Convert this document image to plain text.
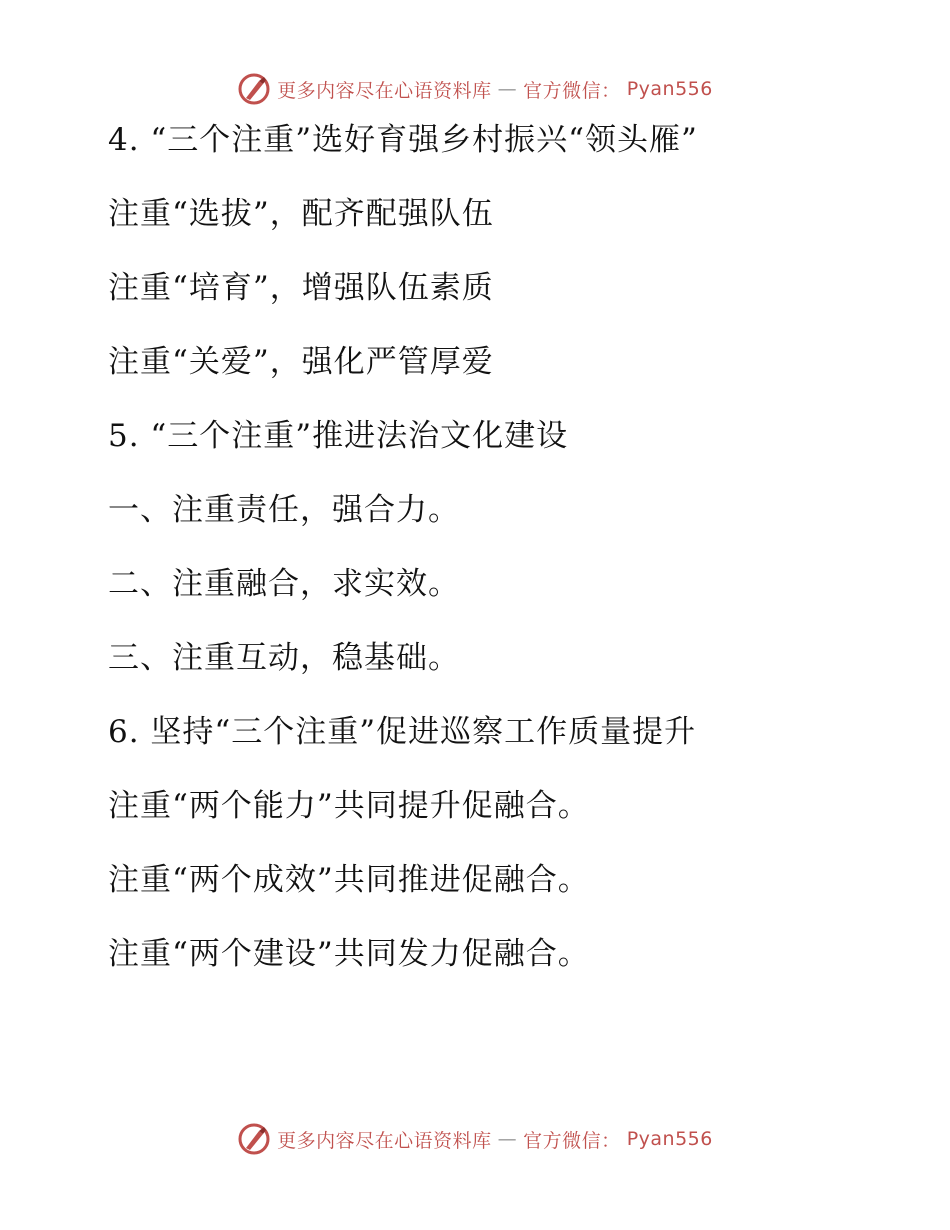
更多内容尽在心语资料库 — 官方微信： Pyan556
4. “三个注重”选好育强乡村振兴“领头雁”
注重“选拔”，配齐配强队伍
注重“培育”，增强队伍素质
注重“关爱”，强化严管厚爱
5. “三个注重”推进法治文化建设
一、注重责任，强合力。
二、注重融合，求实效。
三、注重互动，稳基础。
6. 坚持“三个注重”促进巡察工作质量提升
注重“两个能力”共同提升促融合。
注重“两个成效”共同推进促融合。
注重“两个建设”共同发力促融合。
更多内容尽在心语资料库 — 官方微信： Pyan556
